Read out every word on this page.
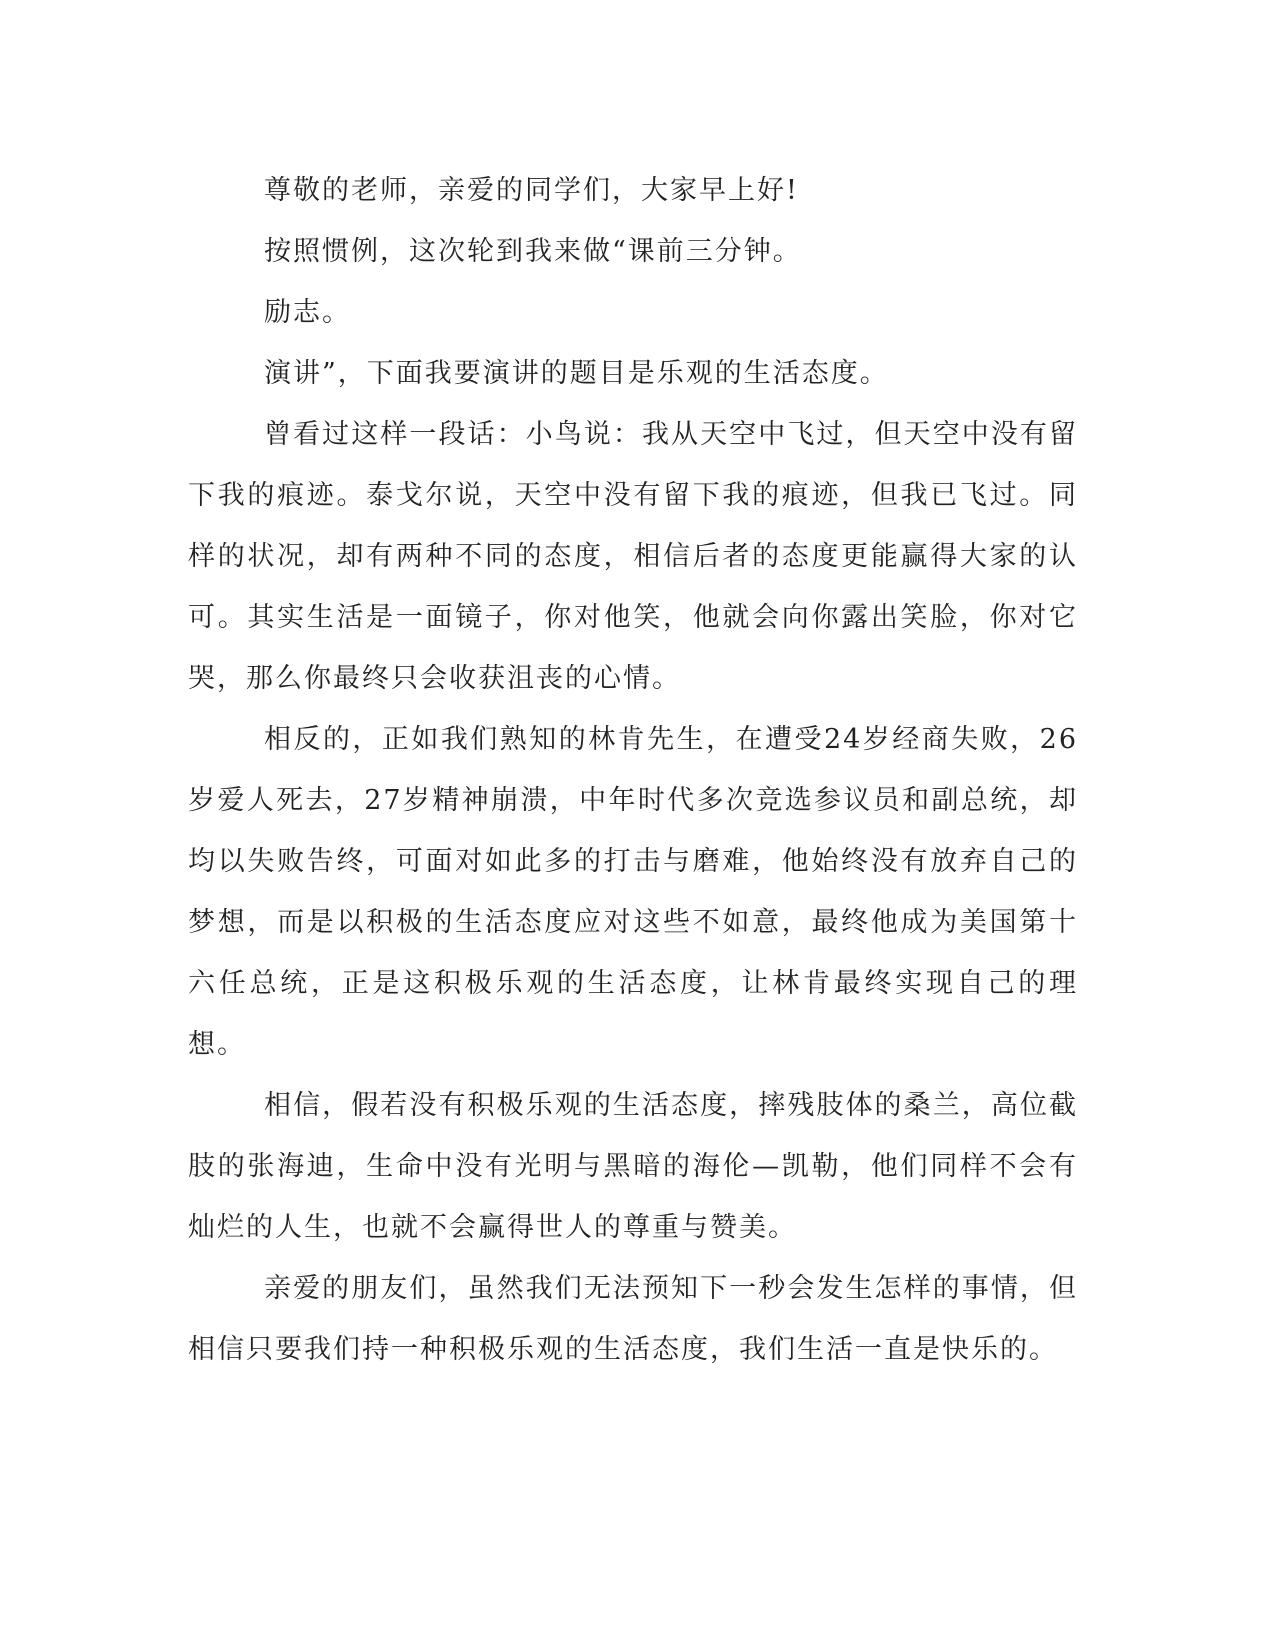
尊敬的老师，亲爱的同学们，大家早上好!

按照惯例，这次轮到我来做“课前三分钟。

励志。

演讲”，下面我要演讲的题目是乐观的生活态度。

曾看过这样一段话：小鸟说：我从天空中飞过，但天空中没有留下我的痕迹。泰戈尔说，天空中没有留下我的痕迹，但我已飞过。同样的状况，却有两种不同的态度，相信后者的态度更能赢得大家的认可。其实生活是一面镜子，你对他笑，他就会向你露出笑脸，你对它哭，那么你最终只会收获沮丧的心情。

相反的，正如我们熟知的林肯先生，在遭受24岁经商失败，26岁爱人死去，27岁精神崩溃，中年时代多次竞选参议员和副总统，却均以失败告终，可面对如此多的打击与磨难，他始终没有放弃自己的梦想，而是以积极的生活态度应对这些不如意，最终他成为美国第十六任总统，正是这积极乐观的生活态度，让林肯最终实现自己的理想。

相信，假若没有积极乐观的生活态度，摔残肢体的桑兰，高位截肢的张海迪，生命中没有光明与黑暗的海伦—凯勒，他们同样不会有灿烂的人生，也就不会赢得世人的尊重与赞美。

亲爱的朋友们，虽然我们无法预知下一秒会发生怎样的事情，但相信只要我们持一种积极乐观的生活态度，我们生活一直是快乐的。
